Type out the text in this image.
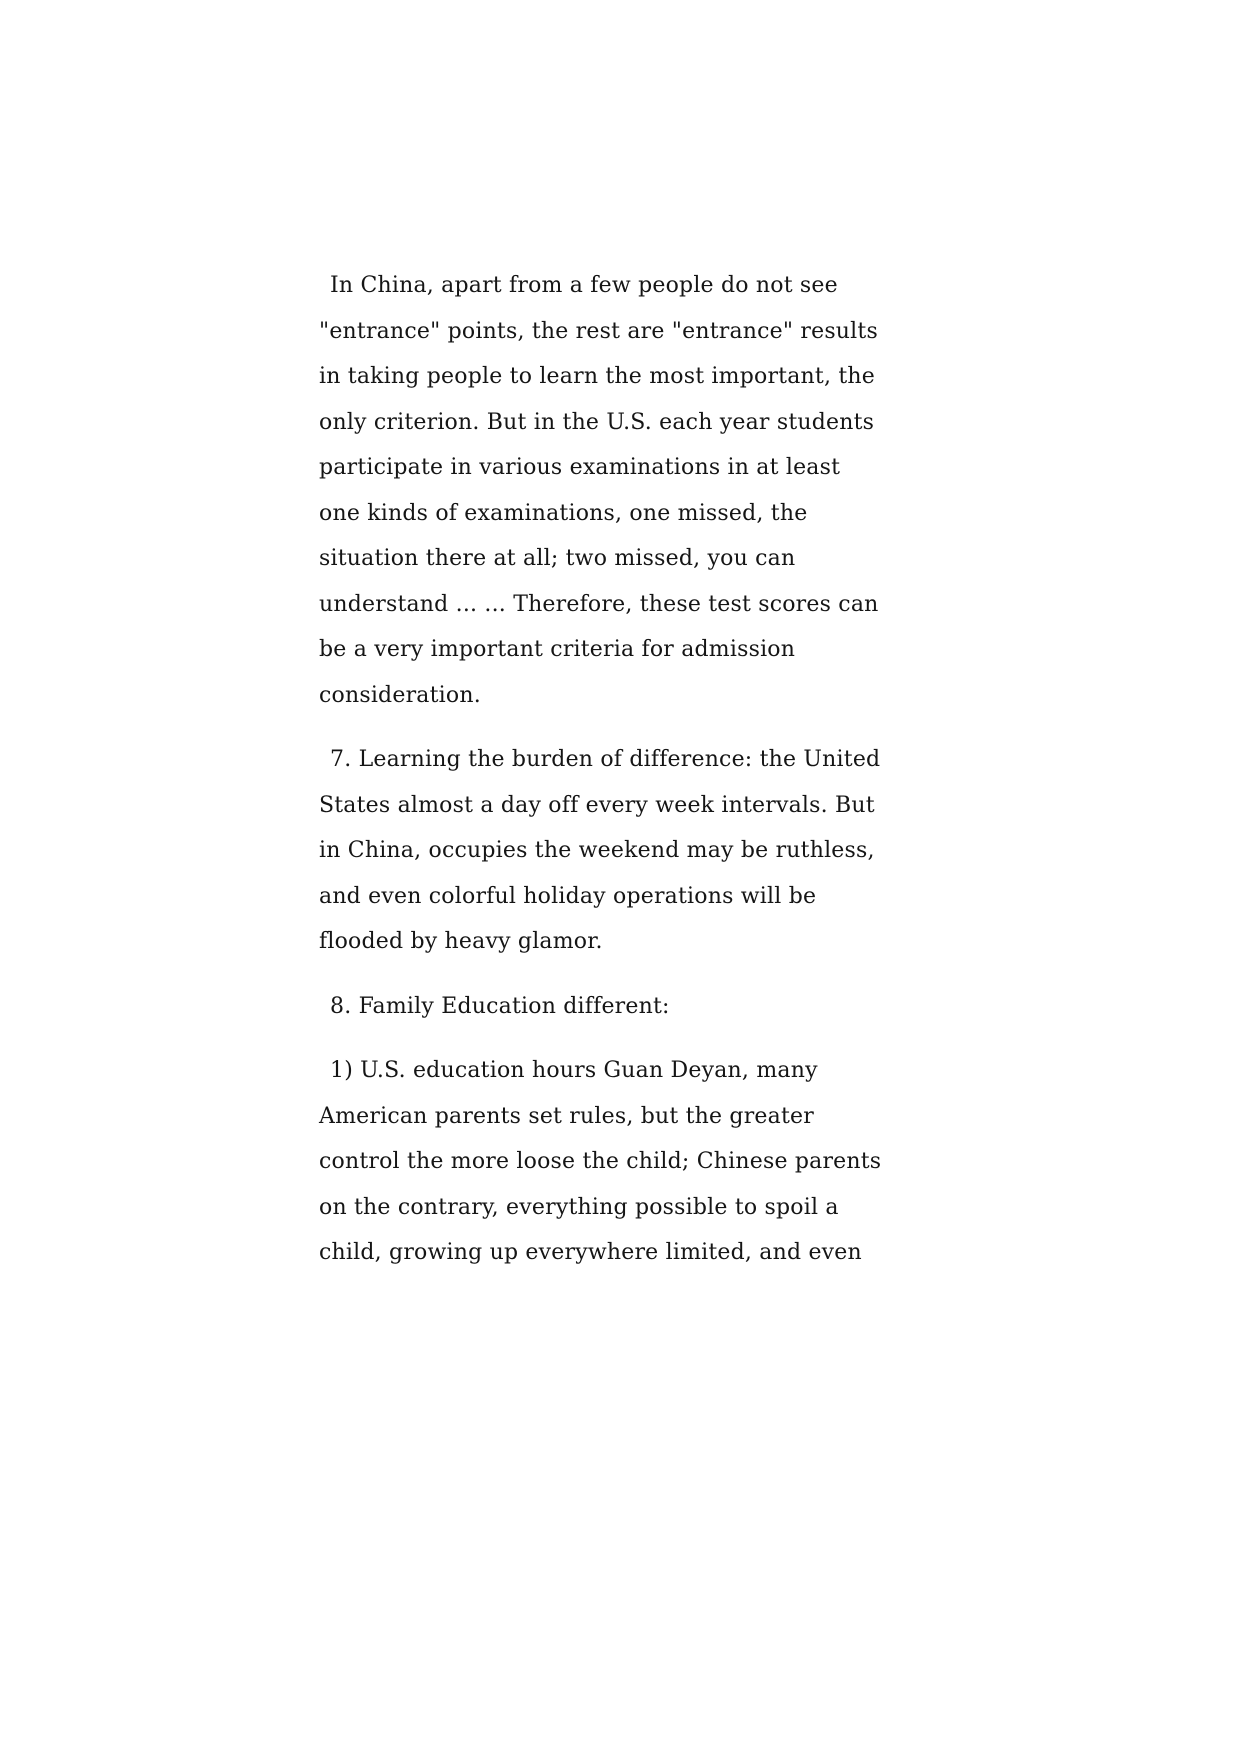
In China, apart from a few people do not see
"entrance" points, the rest are "entrance" results
in taking people to learn the most important, the
only criterion. But in the U.S. each year students
participate in various examinations in at least
one kinds of examinations, one missed, the
situation there at all; two missed, you can
understand ... ... Therefore, these test scores can
be a very important criteria for admission
consideration.
7. Learning the burden of difference: the United
States almost a day off every week intervals. But
in China, occupies the weekend may be ruthless,
and even colorful holiday operations will be
flooded by heavy glamor.
8. Family Education different:
1) U.S. education hours Guan Deyan, many
American parents set rules, but the greater
control the more loose the child; Chinese parents
on the contrary, everything possible to spoil a
child, growing up everywhere limited, and even
